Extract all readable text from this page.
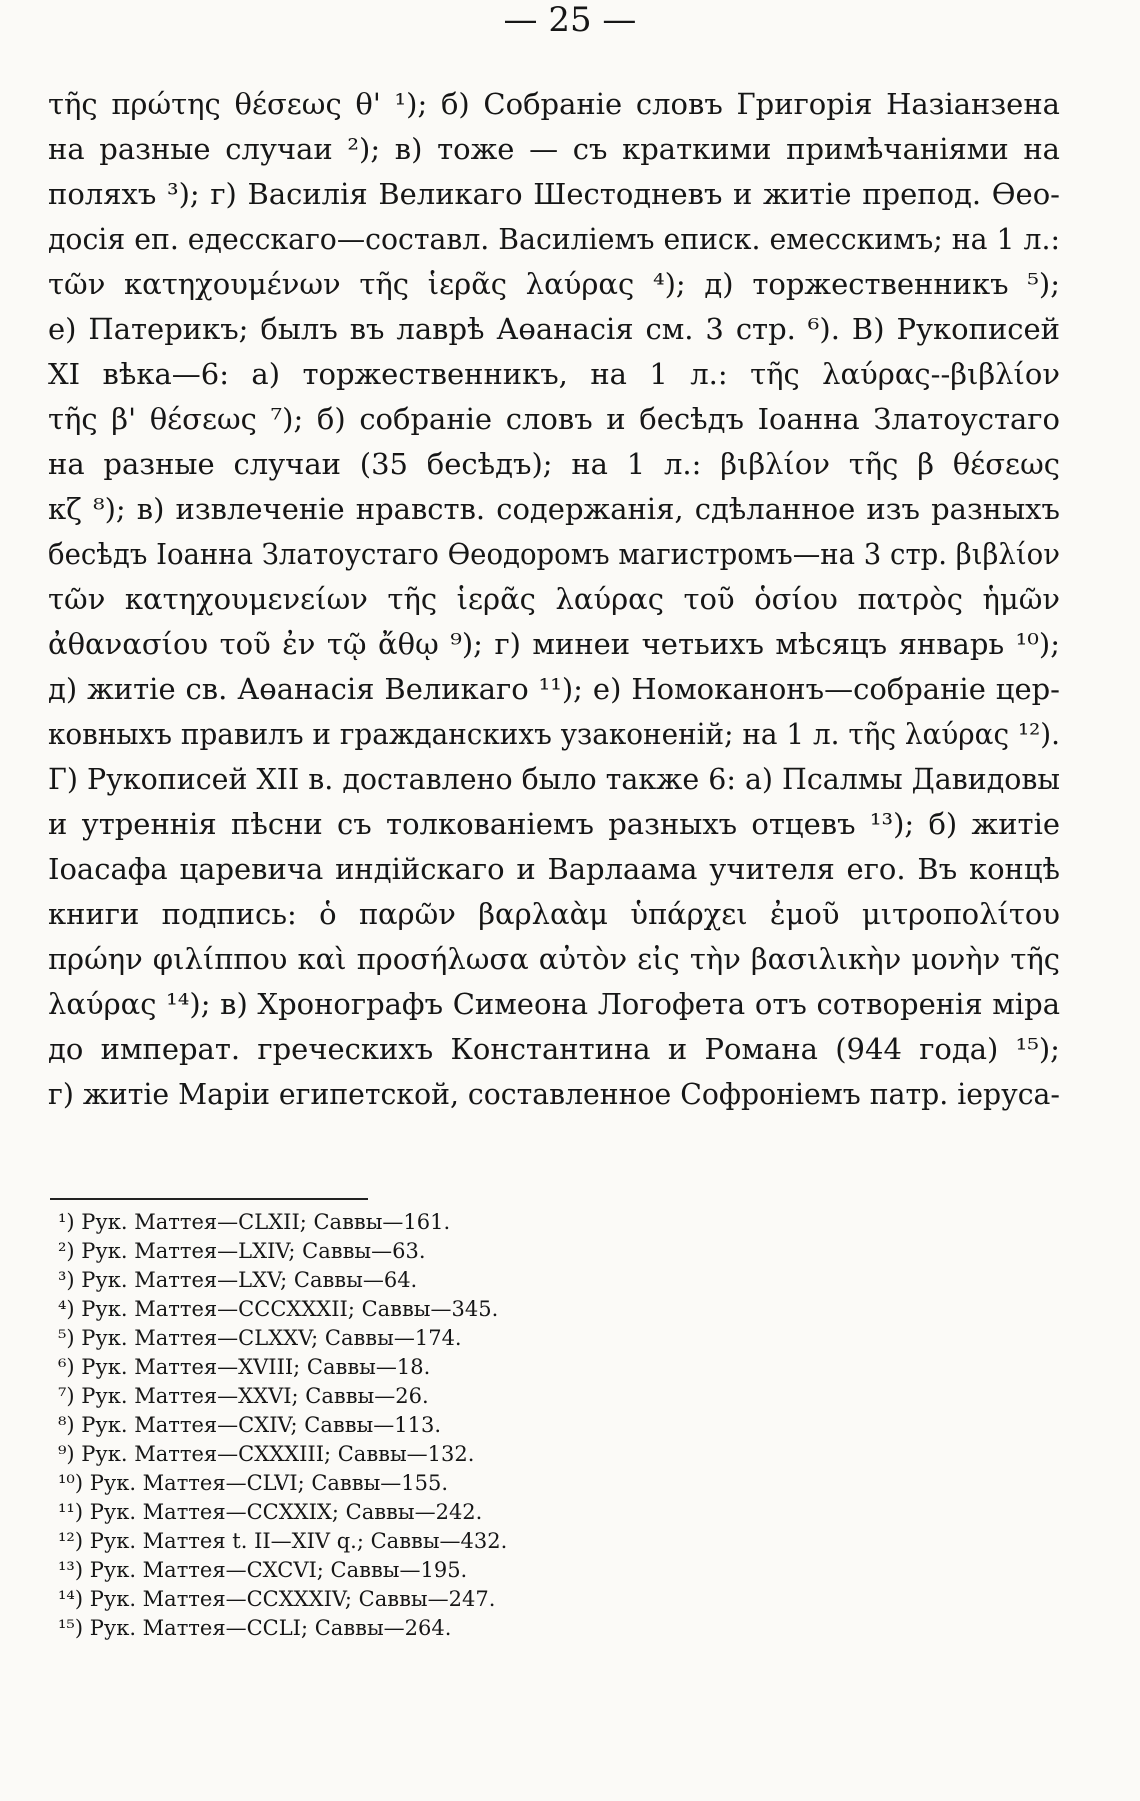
— 25 —
τῆς πρώτης θέσεως θ' ¹); б) Собраніе словъ Григорія Назіанзена
на разные случаи ²); в) тоже — съ краткими примѣчаніями на
поляхъ ³); г) Василія Великаго Шестодневъ и житіе препод. Өео-
досія еп. едесскаго—составл. Василіемъ еписк. емесскимъ; на 1 л.:
τῶν κατηχουμένων τῆς ἱερᾶς λαύρας ⁴); д) торжественникъ ⁵);
е) Патерикъ; былъ въ лаврѣ Аөанасія см. 3 стр. ⁶). В) Рукописей
XI вѣка—6: а) торжественникъ, на 1 л.: τῆς λαύρας--βιβλίον
τῆς β' θέσεως ⁷); б) собраніе словъ и бесѣдъ Іоанна Златоустаго
на разные случаи (35 бесѣдъ); на 1 л.: βιβλίον τῆς β θέσεως
κζ ⁸); в) извлеченіе нравств. содержанія, сдѣланное изъ разныхъ
бесѣдъ Іоанна Златоустаго Өеодоромъ магистромъ—на 3 стр. βιβλίον
τῶν κατηχουμενείων τῆς ἱερᾶς λαύρας τοῦ ὁσίου πατρὸς ἡμῶν
ἀθανασίου τοῦ ἐν τῷ ἄθῳ ⁹); г) минеи четьихъ мѣсяцъ январь ¹⁰);
д) житіе св. Аөанасія Великаго ¹¹); е) Номоканонъ—собраніе цер-
ковныхъ правилъ и гражданскихъ узаконеній; на 1 л. τῆς λαύρας ¹²).
Г) Рукописей XII в. доставлено было также 6: а) Псалмы Давидовы
и утреннія пѣсни съ толкованіемъ разныхъ отцевъ ¹³); б) житіе
Іоасафа царевича индійскаго и Варлаама учителя его. Въ концѣ
книги подпись: ὁ παρῶν βαρλαὰμ ὑπάρχει ἐμοῦ μιτροπολίτου
πρώην φιλίππου καὶ προσήλωσα αὐτὸν εἰς τὴν βασιλικὴν μονὴν τῆς
λαύρας ¹⁴); в) Хронографъ Симеона Логофета отъ сотворенія міра
до императ. греческихъ Константина и Романа (944 года) ¹⁵);
г) житіе Маріи египетской, составленное Софроніемъ патр. іеруса-
¹) Рук. Маттея—CLXII; Саввы—161.
²) Рук. Маттея—LXIV; Саввы—63.
³) Рук. Маттея—LXV; Саввы—64.
⁴) Рук. Маттея—CCCXXXII; Саввы—345.
⁵) Рук. Маттея—CLXXV; Саввы—174.
⁶) Рук. Маттея—XVIII; Саввы—18.
⁷) Рук. Маттея—XXVI; Саввы—26.
⁸) Рук. Маттея—CXIV; Саввы—113.
⁹) Рук. Маттея—CXXXIII; Саввы—132.
¹⁰) Рук. Маттея—CLVI; Саввы—155.
¹¹) Рук. Маттея—CCXXIX; Саввы—242.
¹²) Рук. Маттея t. II—XIV q.; Саввы—432.
¹³) Рук. Маттея—CXCVI; Саввы—195.
¹⁴) Рук. Маттея—CCXXXIV; Саввы—247.
¹⁵) Рук. Маттея—CCLI; Саввы—264.
